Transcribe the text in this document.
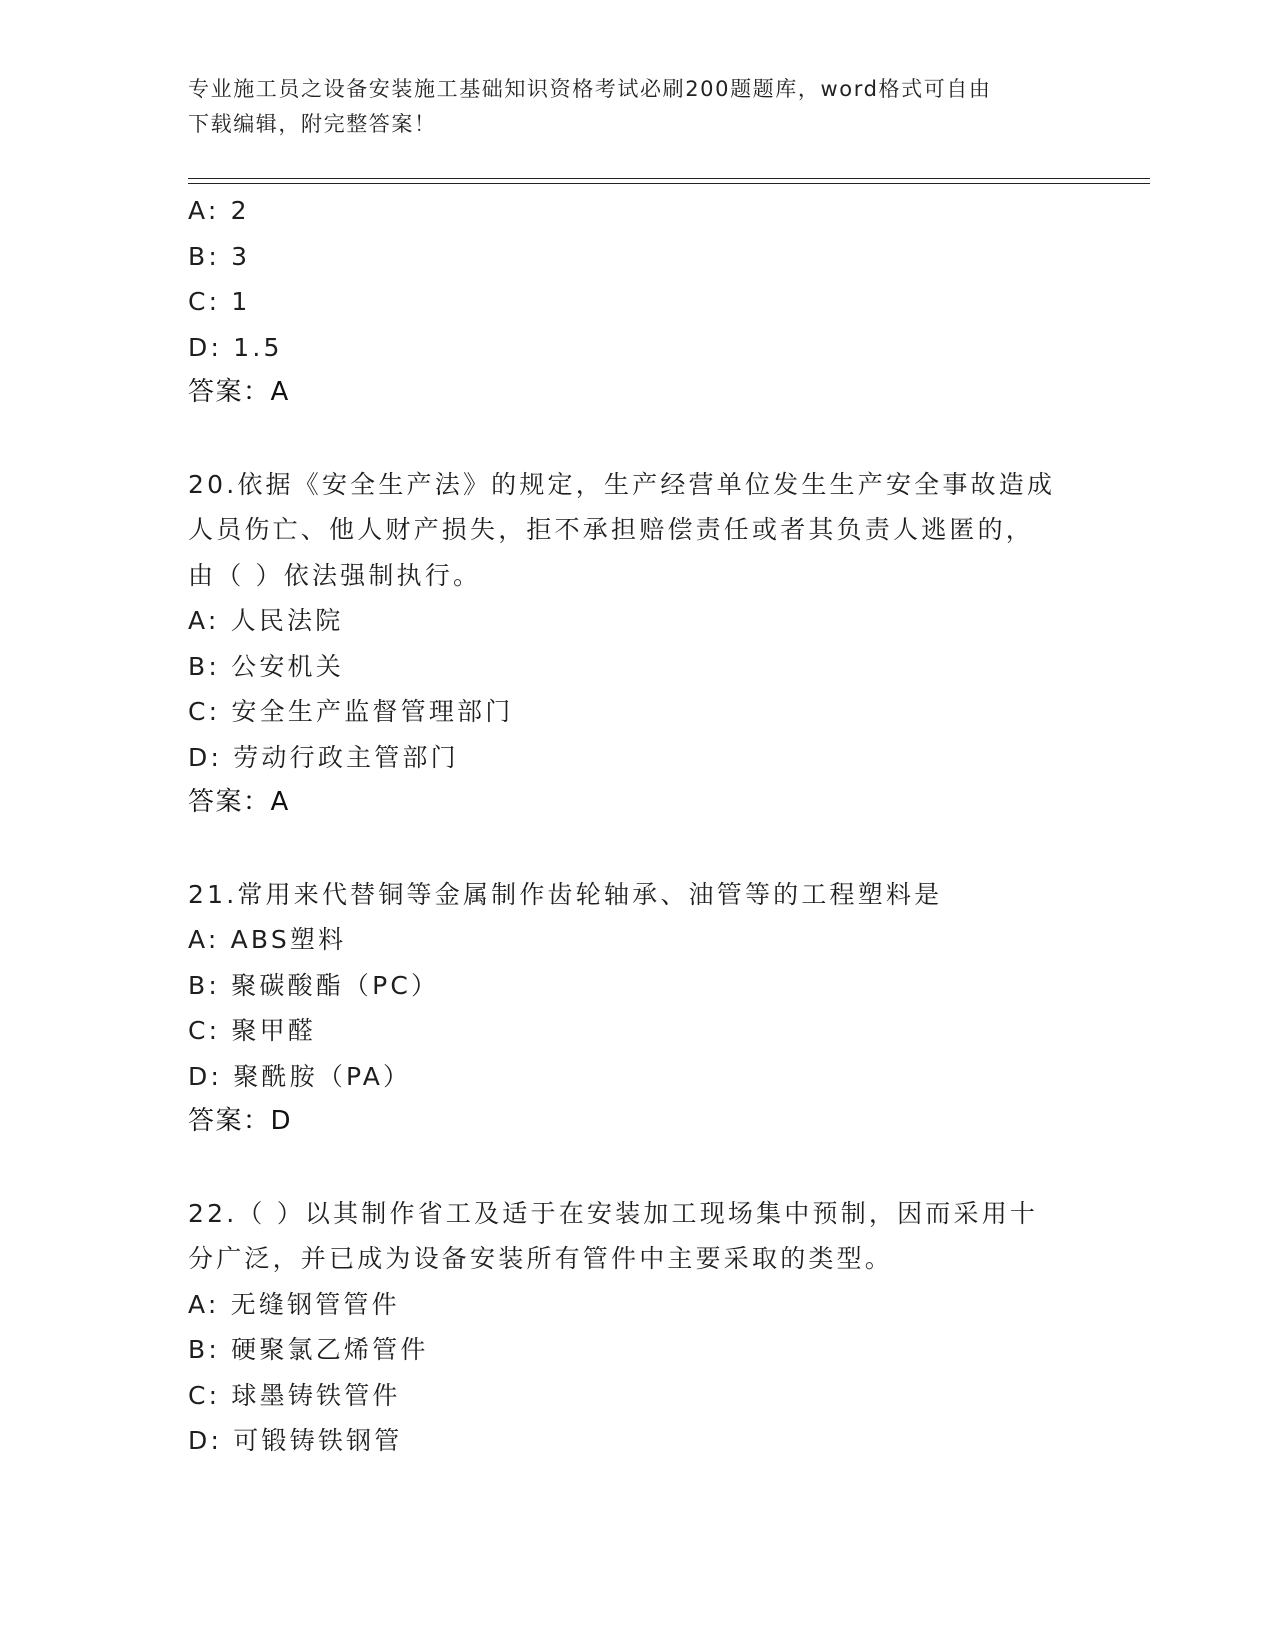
专业施工员之设备安装施工基础知识资格考试必刷200题题库，word格式可自由
下载编辑，附完整答案！
A: 2
B: 3
C: 1
D: 1.5
答案：A
20.依据《安全生产法》的规定，生产经营单位发生生产安全事故造成
人员伤亡、他人财产损失，拒不承担赔偿责任或者其负责人逃匿的，
由（ ）依法强制执行。
A: 人民法院
B: 公安机关
C: 安全生产监督管理部门
D: 劳动行政主管部门
答案：A
21.常用来代替铜等金属制作齿轮轴承、油管等的工程塑料是
A: ABS塑料
B: 聚碳酸酯（PC）
C: 聚甲醛
D: 聚酰胺（PA）
答案：D
22.（ ）以其制作省工及适于在安装加工现场集中预制，因而采用十
分广泛，并已成为设备安装所有管件中主要采取的类型。
A: 无缝钢管管件
B: 硬聚氯乙烯管件
C: 球墨铸铁管件
D: 可锻铸铁钢管
